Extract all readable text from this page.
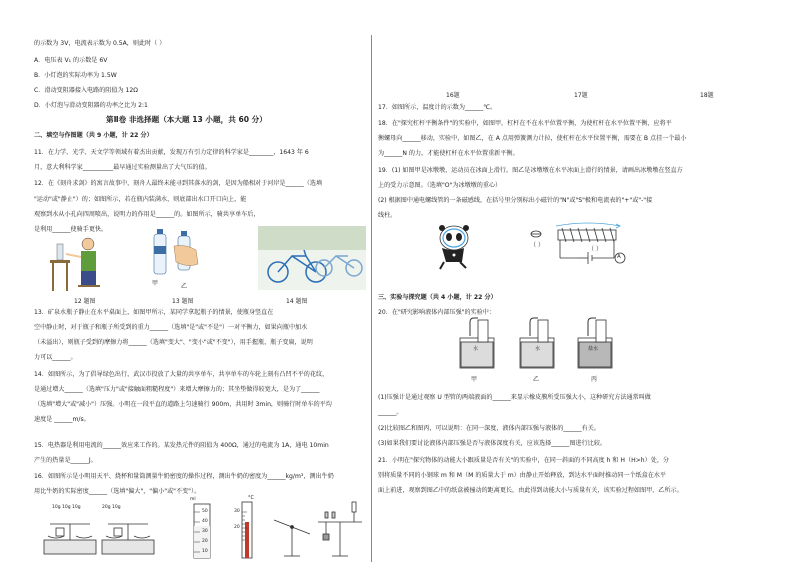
的示数为 3V，电流表示数为 0.5A，则此时（ ）
A．电压表 V₁ 的示数是 6V
B．小灯泡的实际功率为 1.5W
C．滑动变阻器接入电路的阻值为 12Ω
D．小灯泡与滑动变阻器的功率之比为 2:1
第Ⅱ卷 非选择题（本大题 13 小题，共 60 分）
二、填空与作图题（共 9 小题，计 22 分）
11．在力学、光学、天文学等领域有着杰出贡献，发现万有引力定律的科学家是________，1643 年 6
月，意大利科学家__________最早通过实验测量出了大气压的值。
12．在《刻舟求剑》的寓言故事中，刻舟人最终未能寻到其落水的剑，是因为船相对于河岸是______（选填
"运动"或"静止"）的；如图所示，若在瓶内装满水，则底部出水口开口向上，能
观察到水从小孔向四周喷出，说明力的作用是______的。如图所示，骑共享单车后，
是利用______使骑手更快。
甲	乙
12 题图	13 题图	14 题图
13．矿泉水瓶子静止在水平桌面上，如图甲所示，某同学拿起瓶子的情景，使瓶身竖直在
空中静止时，对于瓶子和瓶子所受到的重力______（选填"是"或"不是"）一对平衡力，如果向瓶中加水
（未溢出），则瓶子受到的摩擦力将______（选填"变大"、"变小"或"不变"），用手握瓶，瓶子变扁，说明
力可以______。
14．如图所示，为了倡导绿色出行，武汉市投放了大量的共享单车，共享单车的车轮上刻有凸凹不平的花纹，
是通过增大______（选填"压力"或"接触面粗糙程度"）来增大摩擦力的；其坐垫做得较宽大，是为了______
（选填"增大"或"减小"）压强。小明在一段平直的道路上匀速骑行 900m，共用时 3min，则骑行时单车的平均
速度是 ______m/s。
15．电热器是利用电流的______效应来工作的。某发热元件的阻值为 400Ω，通过的电流为 1A，通电 10min
产生的热量是______J。
16．如图所示是小明用天平、烧杯和量筒测量牛奶密度的操作过程，测出牛奶的密度为______kg/m³，测出牛奶
用比牛奶的实际密度______（选填"偏大"，"偏小"或"不变"）。
10g 10g 10g	20g 10g
ml
50
40
30
20
10
°C
30
20
16题	17题	18题
17．如图所示，温度计的示数为______℃。
18．在"探究杠杆平衡条件"的实验中，如图甲，杠杆在不在水平位置平衡，为使杠杆在水平位置平衡，应将平
衡螺母向______移动，实验中，如图乙，在 A 点用弹簧测力计拉，使杠杆在水平位置平衡，需要在 B 点挂一个最小
为______N 的力，才能使杠杆在水平位置重新平衡。
19．(1) 如图甲是冰墩墩，运动员在冰面上滑行，图乙是冰墩墩在水平冰面上滑行的情景，请画出冰墩墩在竖直方
上的受力示意图。（选填"O"为冰墩墩的重心）
(2) 根据图中通电螺线管的一条磁感线，在括号里分别标出小磁针的"N"或"S"极和电流表的"+"或"-"接
线柱。
（ ）
（ ）
A
三、实验与探究题（共 4 小题，计 22 分）
20．在"研究影响液体内部压强"的实验中：
水	水	盐水
甲	乙	丙
(1)压强计是通过观察 U 型管的两端液面的______来显示橡皮膜所受压强大小，这种研究方法通常叫做
______。
(2)比较图乙和图丙，可以说明：在同一深度，液体内部压强与液体的______有关。
(3)如果我们要讨论液体内部压强是否与液体深度有关，应该选择______图进行比较。
21．小明在"探究物体的动能大小跟质量是否有关"的实验中，在同一斜面的不同高度 h 和 H（H>h）处，分
别将质量不同的小钢球 m 和 M（M 的质量大于 m）由静止开始释放，到达水平面时推动同一个纸盒在水平
面上前进，观察到图乙中的纸盒被撞动的距离更长，由此得到动能大小与质量有关，该实验过程如图甲、乙所示。
